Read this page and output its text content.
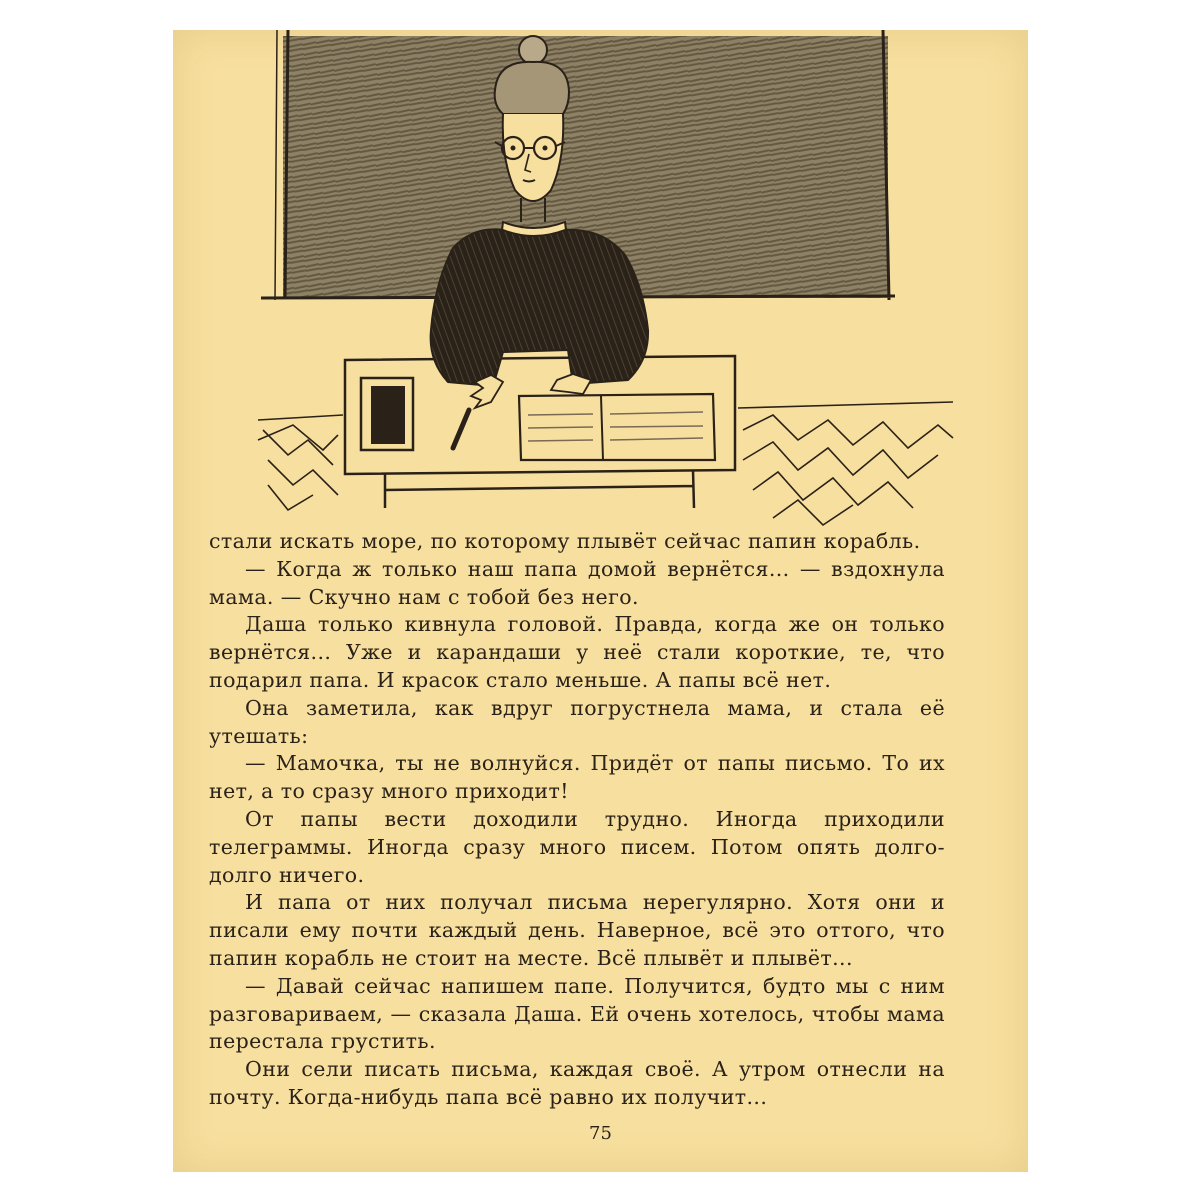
стали искать море, по которому плывёт сейчас папин корабль.

— Когда ж только наш папа домой вернётся... — вздохнула мама. — Скучно нам с тобой без него.

Даша только кивнула головой. Правда, когда же он только вернётся... Уже и карандаши у неё стали короткие, те, что подарил папа. И красок стало меньше. А папы всё нет.

Она заметила, как вдруг погрустнела мама, и стала её утешать:

— Мамочка, ты не волнуйся. Придёт от папы письмо. То их нет, а то сразу много приходит!

От папы вести доходили трудно. Иногда приходили телеграммы. Иногда сразу много писем. Потом опять долго-долго ничего.

И папа от них получал письма нерегулярно. Хотя они и писали ему почти каждый день. Наверное, всё это оттого, что папин корабль не стоит на месте. Всё плывёт и плывёт...

— Давай сейчас напишем папе. Получится, будто мы с ним разговариваем, — сказала Даша. Ей очень хотелось, чтобы мама перестала грустить.

Они сели писать письма, каждая своё. А утром отнесли на почту. Когда-нибудь папа всё равно их получит...

75
